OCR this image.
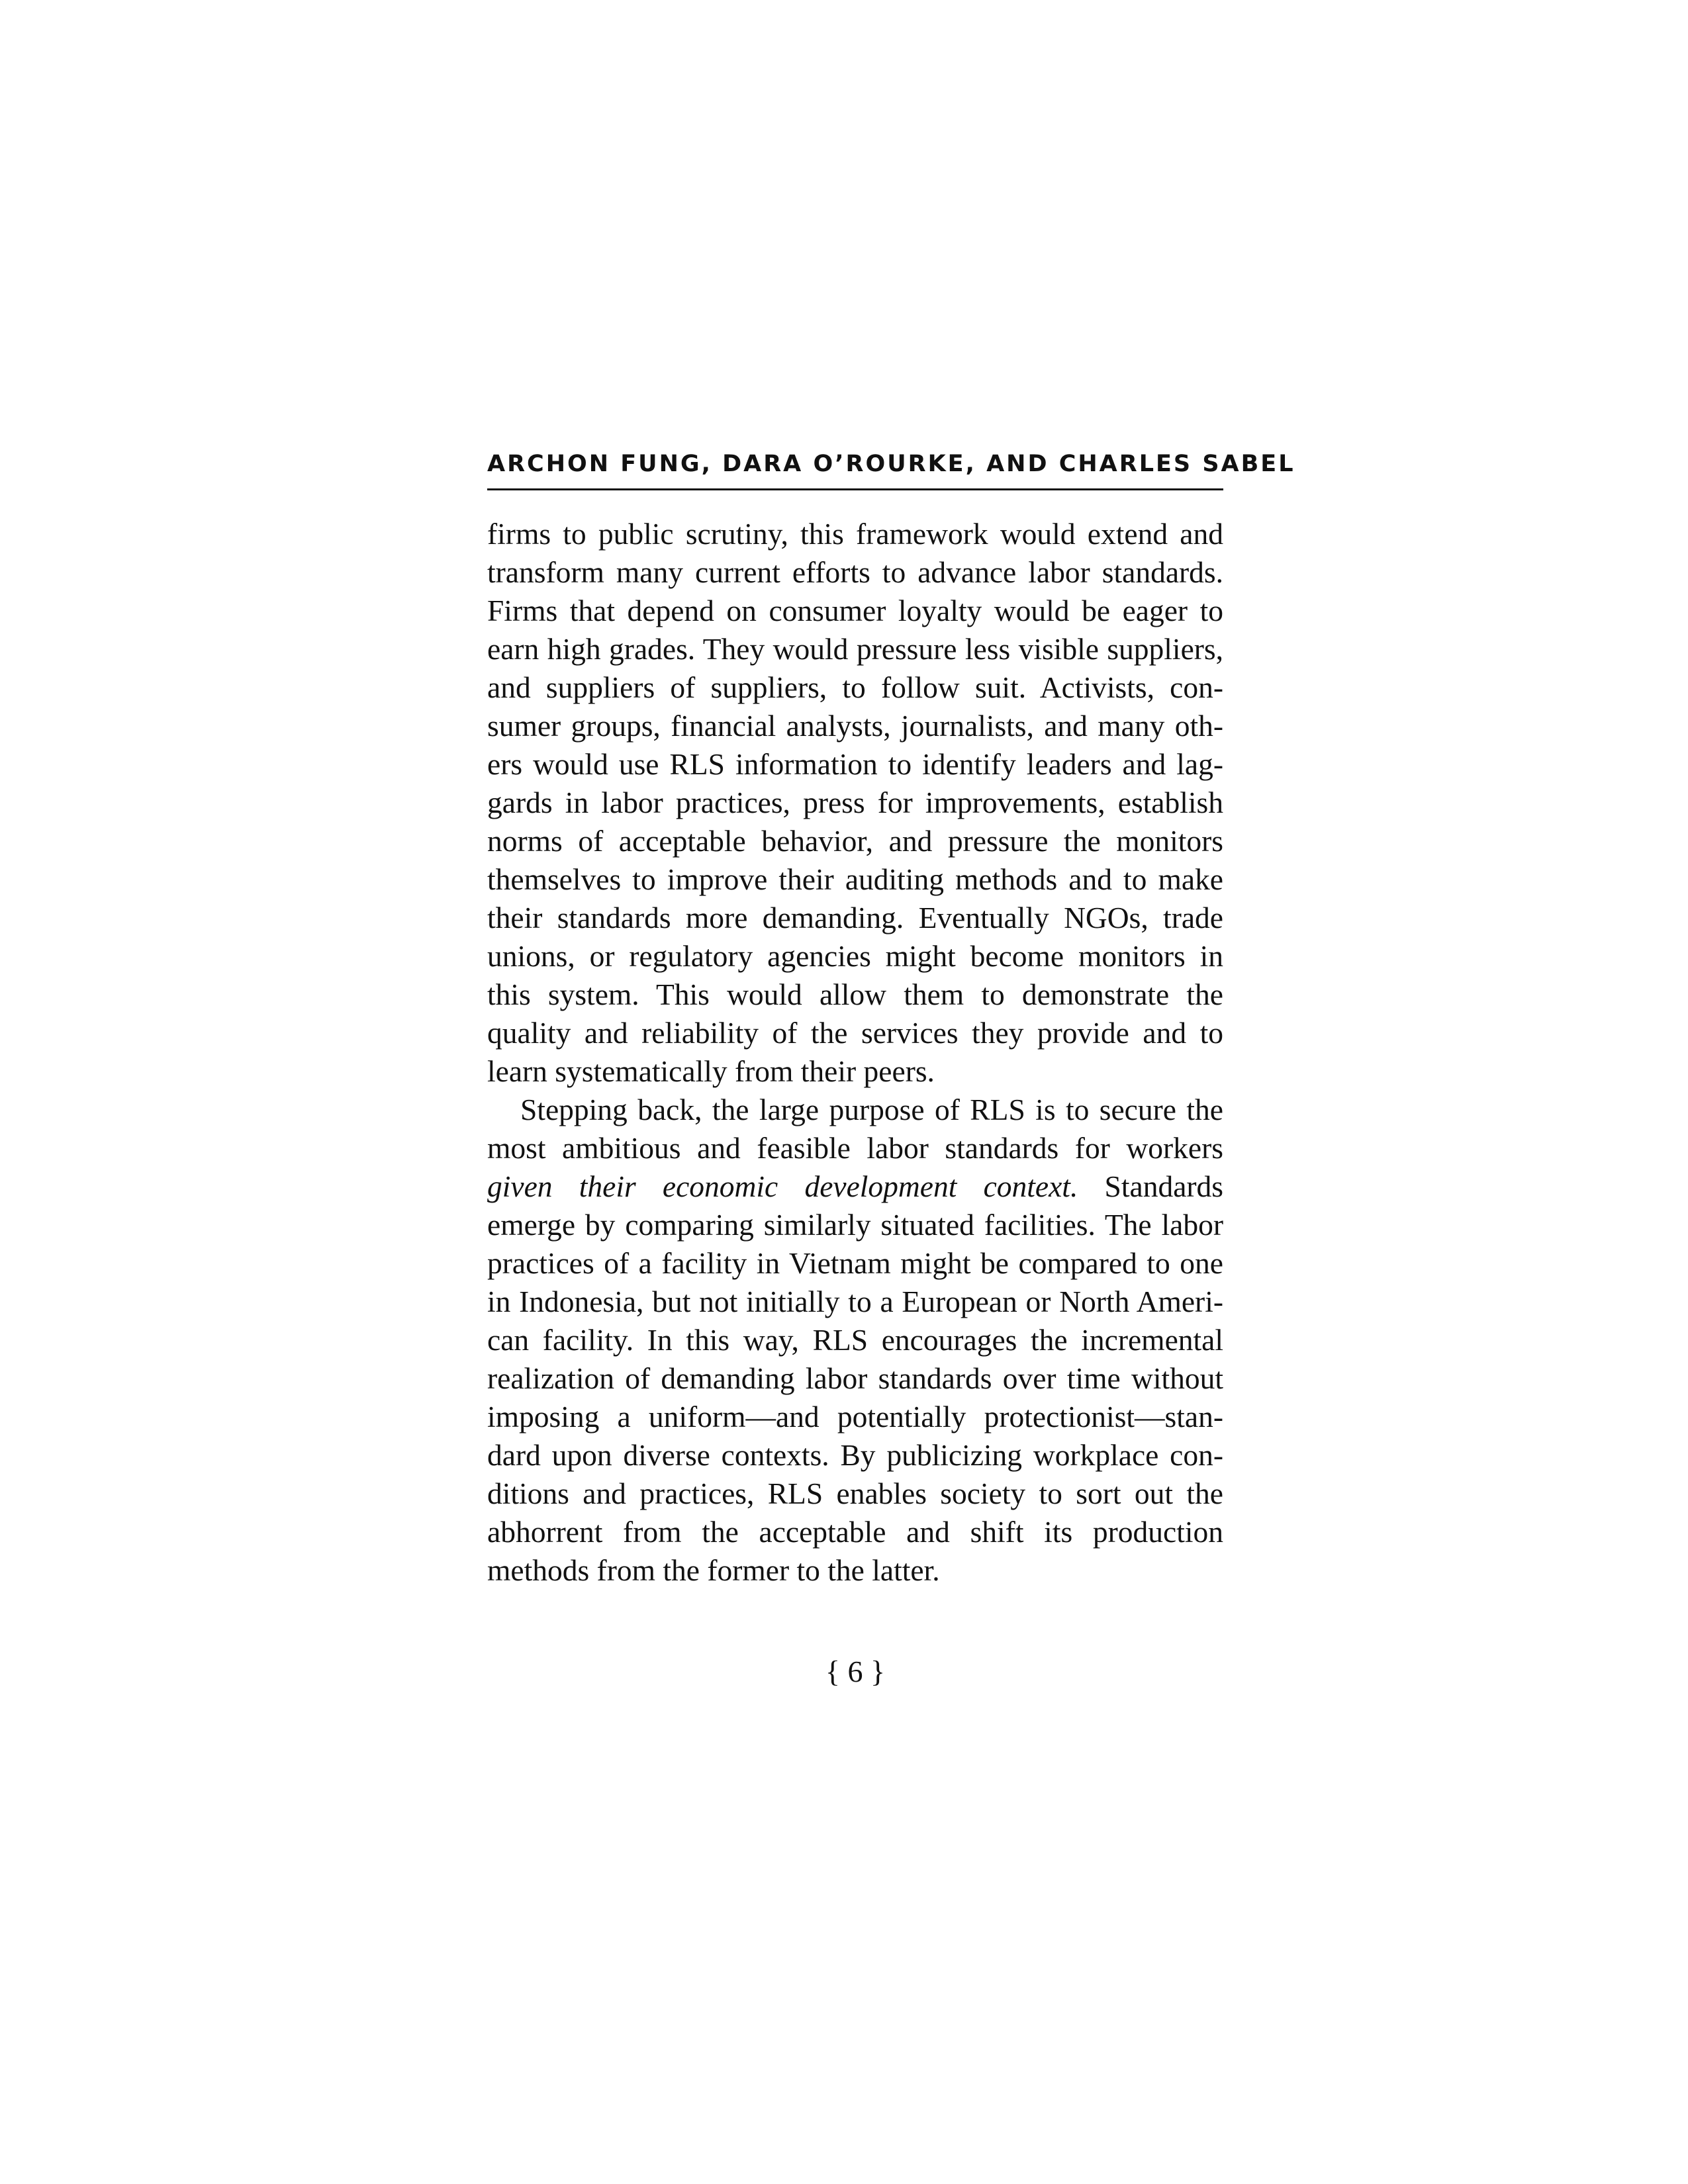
ARCHON FUNG, DARA O’ROURKE, AND CHARLES SABEL

firms to public scrutiny, this framework would extend and transform many current efforts to advance labor standards. Firms that depend on consumer loyalty would be eager to earn high grades. They would pressure less visible suppliers, and suppliers of suppliers, to follow suit. Activists, consumer groups, financial analysts, journalists, and many others would use RLS information to identify leaders and laggards in labor practices, press for improvements, establish norms of acceptable behavior, and pressure the monitors themselves to improve their auditing methods and to make their standards more demanding. Eventually NGOs, trade unions, or regulatory agencies might become monitors in this system. This would allow them to demonstrate the quality and reliability of the services they provide and to learn systematically from their peers.

Stepping back, the large purpose of RLS is to secure the most ambitious and feasible labor standards for workers given their economic development context. Standards emerge by comparing similarly situated facilities. The labor practices of a facility in Vietnam might be compared to one in Indonesia, but not initially to a European or North American facility. In this way, RLS encourages the incremental realization of demanding labor standards over time without imposing a uniform—and potentially protectionist—standard upon diverse contexts. By publicizing workplace conditions and practices, RLS enables society to sort out the abhorrent from the acceptable and shift its production methods from the former to the latter.

{ 6 }
